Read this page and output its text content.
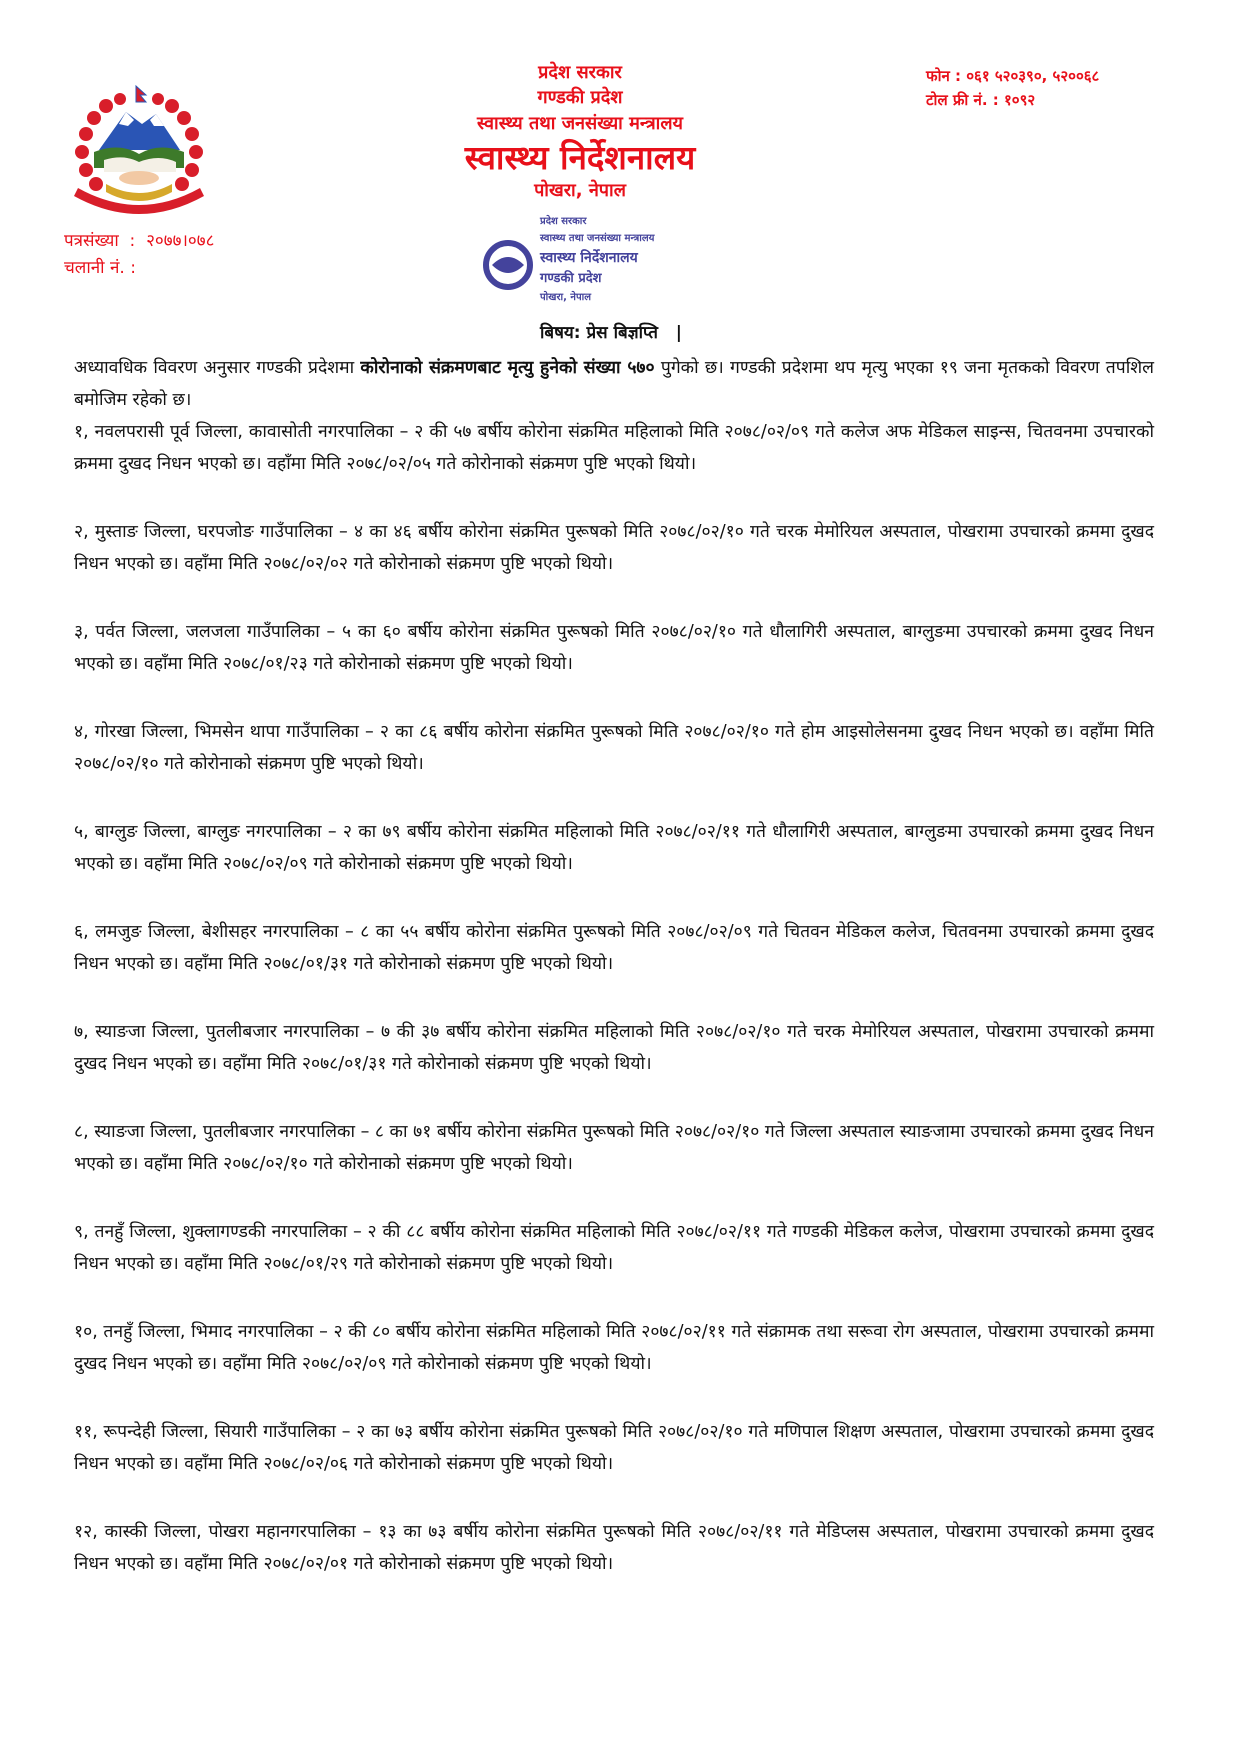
पत्रसंख्या  :  २०७७।०७८
चलानी नं. :
प्रदेश सरकार
गण्डकी प्रदेश
स्वास्थ्य तथा जनसंख्या मन्त्रालय
स्वास्थ्य निर्देशनालय
पोखरा, नेपाल
प्रदेश सरकार
स्वास्थ्य तथा जनसंख्या मन्त्रालय
स्वास्थ्य निर्देशनालय
गण्डकी प्रदेश
पोखरा, नेपाल
फोन : ०६१ ५२०३९०, ५२००६८
टोल फ्री नं. : १०९२
बिषय: प्रेस बिज्ञप्ति   |

अध्यावधिक विवरण अनुसार गण्डकी प्रदेशमा कोरोनाको संक्रमणबाट मृत्यु हुनेको संख्या ५७० पुगेको छ। गण्डकी प्रदेशमा थप मृत्यु भएका १९ जना मृतकको विवरण तपशिल बमोजिम रहेको छ।

१, नवलपरासी पूर्व जिल्ला, कावासोती नगरपालिका – २ की ५७ बर्षीय कोरोना संक्रमित महिलाको मिति २०७८/०२/०९ गते कलेज अफ मेडिकल साइन्स, चितवनमा उपचारको क्रममा दुखद निधन भएको छ। वहाँमा मिति २०७८/०२/०५ गते कोरोनाको संक्रमण पुष्टि भएको थियो।

२, मुस्ताङ जिल्ला, घरपजोङ गाउँपालिका – ४ का ४६ बर्षीय कोरोना संक्रमित पुरूषको मिति २०७८/०२/१० गते चरक मेमोरियल अस्पताल, पोखरामा उपचारको क्रममा दुखद निधन भएको छ। वहाँमा मिति २०७८/०२/०२ गते कोरोनाको संक्रमण पुष्टि भएको थियो।

३, पर्वत जिल्ला, जलजला गाउँपालिका – ५ का ६० बर्षीय कोरोना संक्रमित पुरूषको मिति २०७८/०२/१० गते धौलागिरी अस्पताल, बाग्लुङमा उपचारको क्रममा दुखद निधन भएको छ। वहाँमा मिति २०७८/०१/२३ गते कोरोनाको संक्रमण पुष्टि भएको थियो।

४, गोरखा जिल्ला, भिमसेन थापा गाउँपालिका – २ का ८६ बर्षीय कोरोना संक्रमित पुरूषको मिति २०७८/०२/१० गते होम आइसोलेसनमा दुखद निधन भएको छ। वहाँमा मिति २०७८/०२/१० गते कोरोनाको संक्रमण पुष्टि भएको थियो।

५, बाग्लुङ जिल्ला, बाग्लुङ नगरपालिका – २ का ७९ बर्षीय कोरोना संक्रमित महिलाको मिति २०७८/०२/११ गते धौलागिरी अस्पताल, बाग्लुङमा उपचारको क्रममा दुखद निधन भएको छ। वहाँमा मिति २०७८/०२/०९ गते कोरोनाको संक्रमण पुष्टि भएको थियो।

६, लमजुङ जिल्ला, बेशीसहर नगरपालिका – ८ का ५५ बर्षीय कोरोना संक्रमित पुरूषको मिति २०७८/०२/०९ गते चितवन मेडिकल कलेज, चितवनमा उपचारको क्रममा दुखद निधन भएको छ। वहाँमा मिति २०७८/०१/३१ गते कोरोनाको संक्रमण पुष्टि भएको थियो।

७, स्याङजा जिल्ला, पुतलीबजार नगरपालिका – ७ की ३७ बर्षीय कोरोना संक्रमित महिलाको मिति २०७८/०२/१० गते चरक मेमोरियल अस्पताल, पोखरामा उपचारको क्रममा दुखद निधन भएको छ। वहाँमा मिति २०७८/०१/३१ गते कोरोनाको संक्रमण पुष्टि भएको थियो।

८, स्याङजा जिल्ला, पुतलीबजार नगरपालिका – ८ का ७१ बर्षीय कोरोना संक्रमित पुरूषको मिति २०७८/०२/१० गते जिल्ला अस्पताल स्याङजामा उपचारको क्रममा दुखद निधन भएको छ। वहाँमा मिति २०७८/०२/१० गते कोरोनाको संक्रमण पुष्टि भएको थियो।

९, तनहुँ जिल्ला, शुक्लागण्डकी नगरपालिका – २ की ८८ बर्षीय कोरोना संक्रमित महिलाको मिति २०७८/०२/११ गते गण्डकी मेडिकल कलेज, पोखरामा उपचारको क्रममा दुखद निधन भएको छ। वहाँमा मिति २०७८/०१/२९ गते कोरोनाको संक्रमण पुष्टि भएको थियो।

१०, तनहुँ जिल्ला, भिमाद नगरपालिका – २ की ८० बर्षीय कोरोना संक्रमित महिलाको मिति २०७८/०२/११ गते संक्रामक तथा सरूवा रोग अस्पताल, पोखरामा उपचारको क्रममा दुखद निधन भएको छ। वहाँमा मिति २०७८/०२/०९ गते कोरोनाको संक्रमण पुष्टि भएको थियो।

११, रूपन्देही जिल्ला, सियारी गाउँपालिका – २ का ७३ बर्षीय कोरोना संक्रमित पुरूषको मिति २०७८/०२/१० गते मणिपाल शिक्षण अस्पताल, पोखरामा उपचारको क्रममा दुखद निधन भएको छ। वहाँमा मिति २०७८/०२/०६ गते कोरोनाको संक्रमण पुष्टि भएको थियो।

१२, कास्की जिल्ला, पोखरा महानगरपालिका – १३ का ७३ बर्षीय कोरोना संक्रमित पुरूषको मिति २०७८/०२/११ गते मेडिप्लस अस्पताल, पोखरामा उपचारको क्रममा दुखद निधन भएको छ। वहाँमा मिति २०७८/०२/०१ गते कोरोनाको संक्रमण पुष्टि भएको थियो।
